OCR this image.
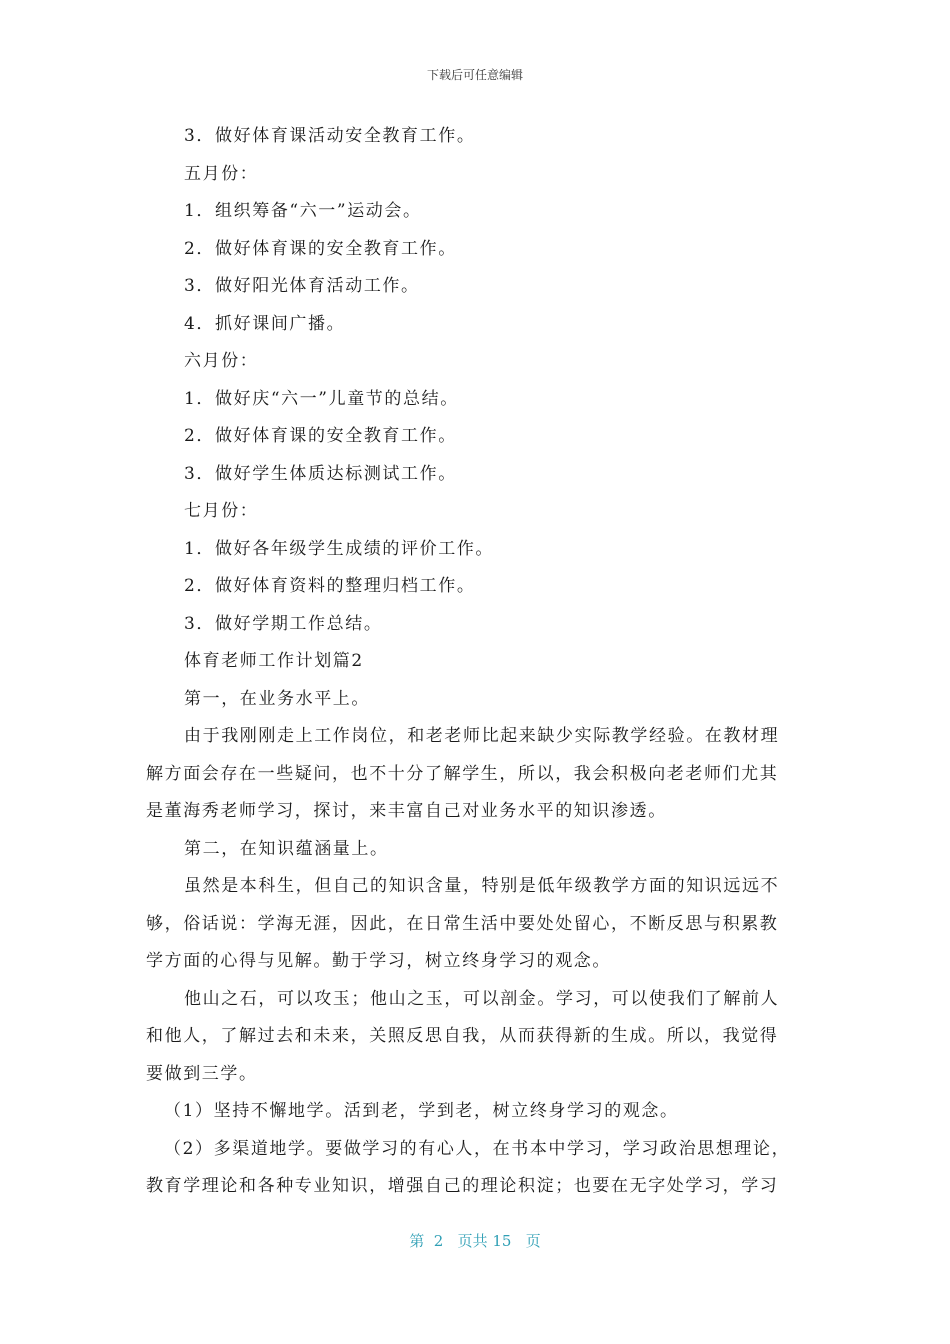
下载后可任意编辑
3．做好体育课活动安全教育工作。
五月份：
1．组织筹备“六一”运动会。
2．做好体育课的安全教育工作。
3．做好阳光体育活动工作。
4．抓好课间广播。
六月份：
1．做好庆“六一”儿童节的总结。
2．做好体育课的安全教育工作。
3．做好学生体质达标测试工作。
七月份：
1．做好各年级学生成绩的评价工作。
2．做好体育资料的整理归档工作。
3．做好学期工作总结。
体育老师工作计划篇2
第一，在业务水平上。
由于我刚刚走上工作岗位，和老老师比起来缺少实际教学经验。在教材理
解方面会存在一些疑问，也不十分了解学生，所以，我会积极向老老师们尤其
是董海秀老师学习，探讨，来丰富自己对业务水平的知识渗透。
第二，在知识蕴涵量上。
虽然是本科生，但自己的知识含量，特别是低年级教学方面的知识远远不
够，俗话说：学海无涯，因此，在日常生活中要处处留心，不断反思与积累教
学方面的心得与见解。勤于学习，树立终身学习的观念。
他山之石，可以攻玉；他山之玉，可以剖金。学习，可以使我们了解前人
和他人，了解过去和未来，关照反思自我，从而获得新的生成。所以，我觉得
要做到三学。
（1）坚持不懈地学。活到老，学到老，树立终身学习的观念。
（2）多渠道地学。要做学习的有心人，在书本中学习，学习政治思想理论，
教育学理论和各种专业知识，增强自己的理论积淀；也要在无字处学习，学习
第  2   页共 15   页
